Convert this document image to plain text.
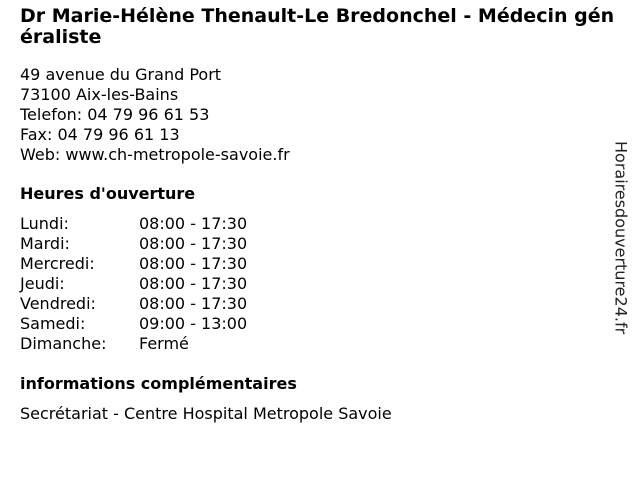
Dr Marie-Hélène Thenault-Le Bredonchel - Médecin généraliste
49 avenue du Grand Port
73100 Aix-les-Bains
Telefon: 04 79 96 61 53
Fax: 04 79 96 61 13
Web: www.ch-metropole-savoie.fr
Heures d'ouverture
Lundi:	08:00 - 17:30
Mardi:	08:00 - 17:30
Mercredi:	08:00 - 17:30
Jeudi:	08:00 - 17:30
Vendredi:	08:00 - 17:30
Samedi:	09:00 - 13:00
Dimanche: Fermé
informations complémentaires
Secrétariat - Centre Hospital Metropole Savoie
Horairesdouverture24.fr
